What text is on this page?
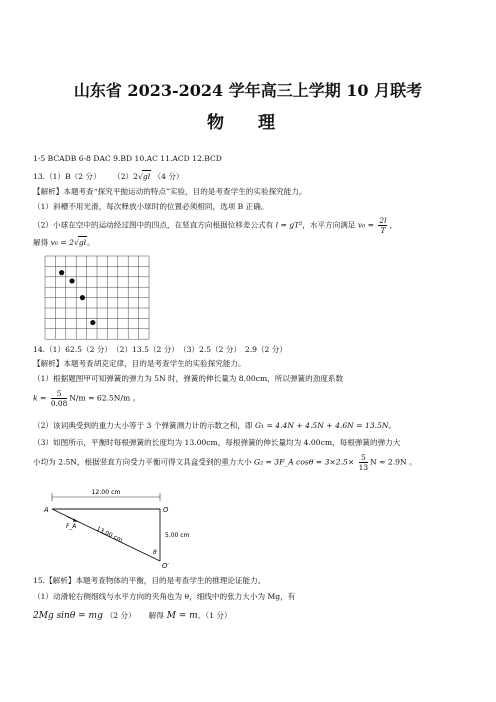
山东省 2023-2024 学年高三上学期 10 月联考
物 理
1-5 BCADB 6-8 DAC 9.BD 10.AC 11.ACD 12.BCD
13.（1）B（2 分） （2）2√gl （4 分）
【解析】本题考查“探究平抛运动的特点”实验，目的是考查学生的实验探究能力。
（1）斜槽不用光滑，每次释放小球时的位置必须相同，选项 B 正确。
（2）小球在空中的运动经过图中的四点，在竖直方向根据位移差公式有 l = gT²，水平方向满足 $v_0 = \frac{2l}{T}$ ，
解得 v₀ = 2√gl。
14.（1）62.5（2 分）　（2）13.5（2 分）　（3）2.5（2 分）　2.9（2 分）
【解析】本题考查胡克定律，目的是考查学生的实验探究能力。
（1）根据题图甲可知弹簧的弹力为 5N 时，弹簧的伸长量为 8.00cm，所以弹簧的劲度系数
$k = \frac{5}{0.08} N/m = 62.5N/m$ 。
（2）该词典受到的重力大小等于 3 个弹簧测力计的示数之和，即 G₁ = 4.4N + 4.5N + 4.6N = 13.5N。
（3）如图所示，平衡时每根弹簧的长度均为 13.00cm，每根弹簧的伸长量均为 4.00cm，每根弹簧的弹力大
小均为 2.5N，根据竖直方向受力平衡可得文具盒受到的重力大小 G₂ = 3F_A $\cos\theta = 3\times 2.5\times \frac{5}{13}$ N ≈ 2.9N 。
12.00 cm
A	O
O′
5.00 cm
13.00 cm
F_A
θ
15.【解析】本题考查物体的平衡，目的是考查学生的推理论证能力。
（1）动滑轮右侧细线与水平方向的夹角也为 θ，细线中的张力大小为 Mg，有
2Mg sinθ = mg （2 分） 解得 M = m。（1 分）
